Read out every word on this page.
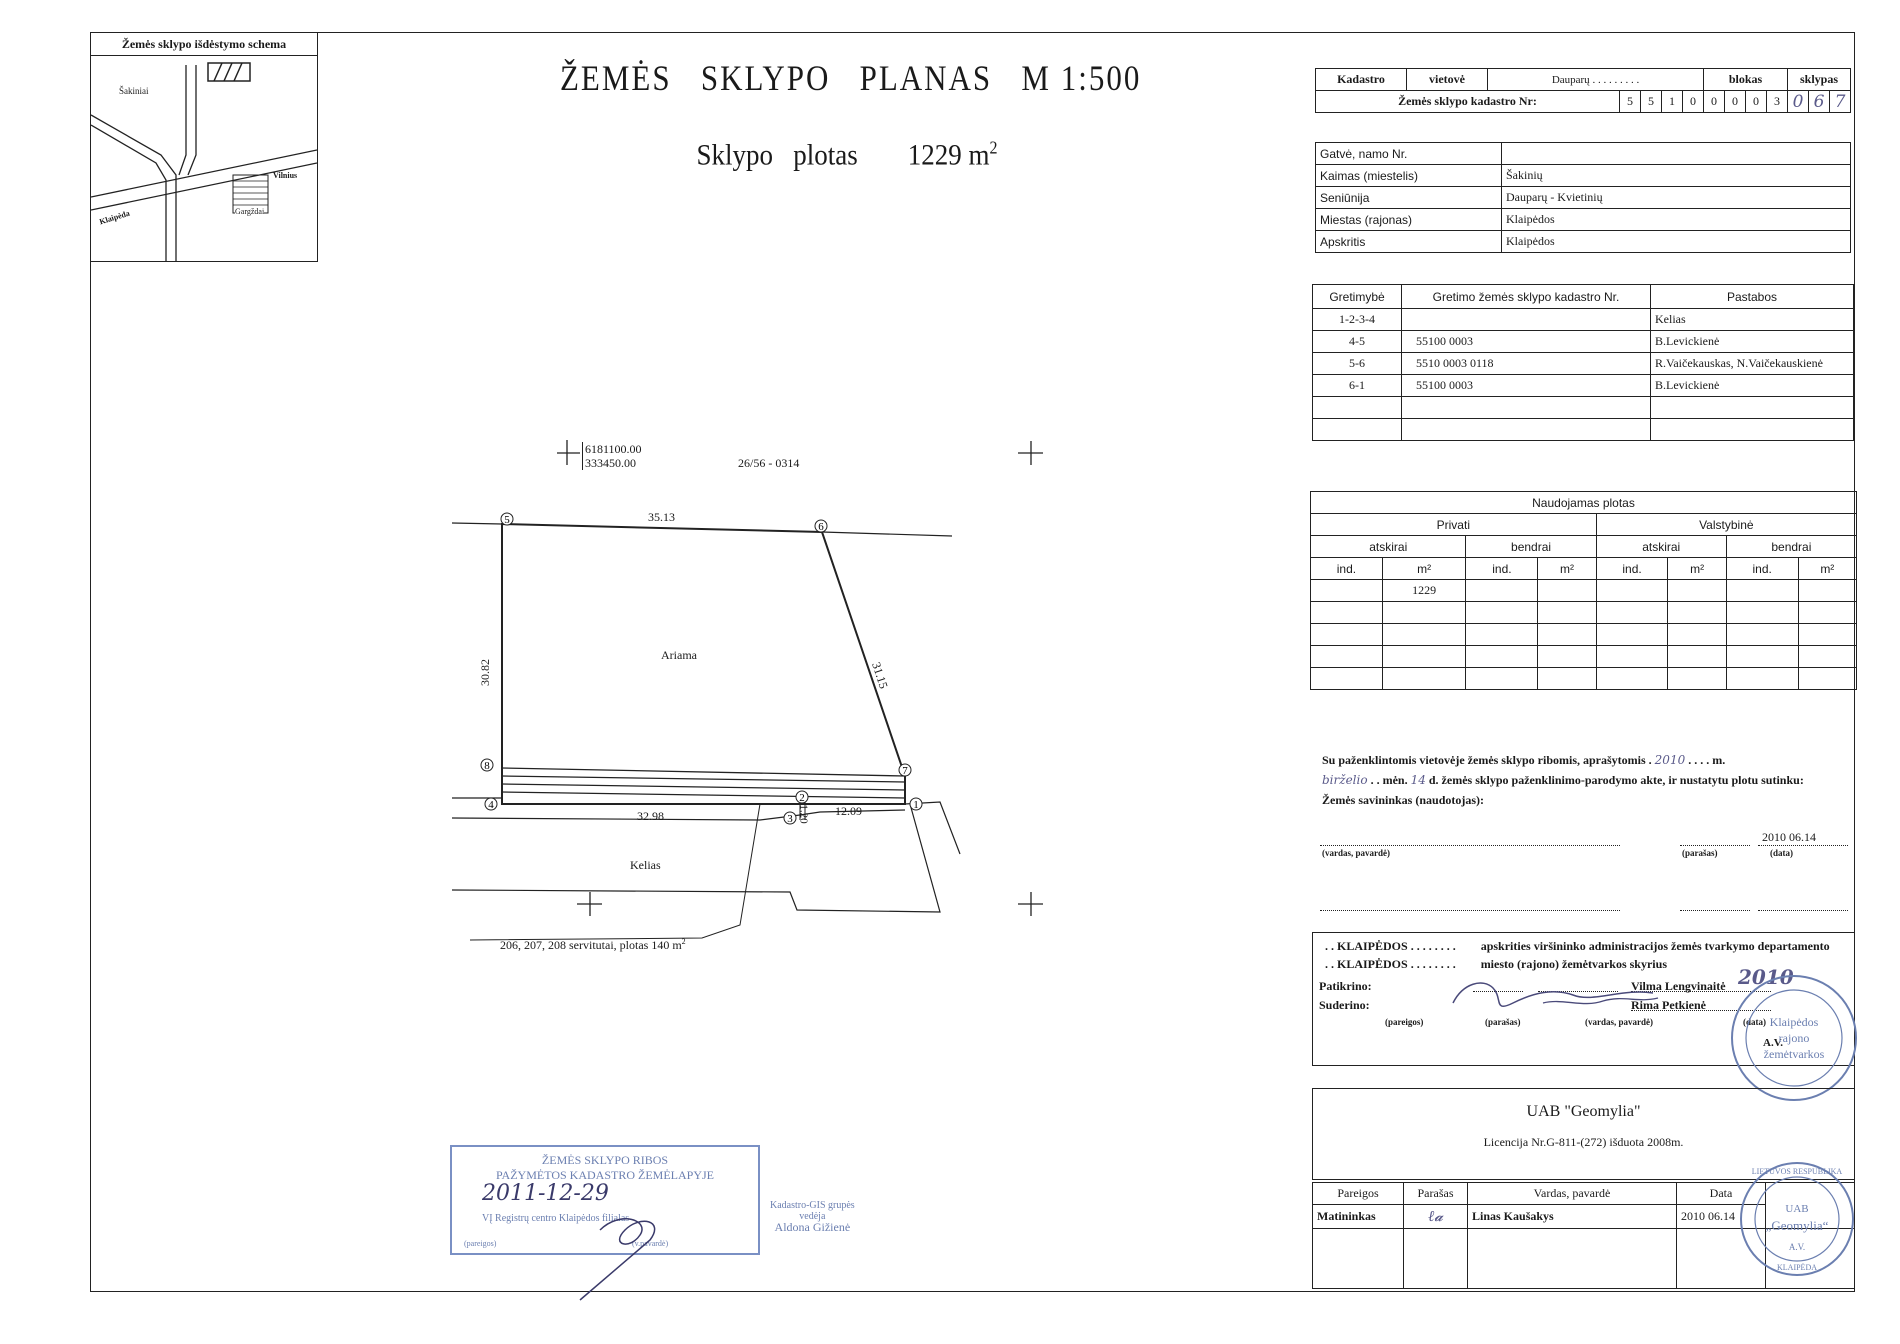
Žemės sklypo išdėstymo schema
Šakiniai
Vilnius
Klaipėda	Gargždai
ŽEMĖS   SKLYPO   PLANAS   M 1:500

Sklypo   plotas 1229 $m^2$

5
6
7
8
4	1
2
3
6181100.00
333450.00	26/56 - 0314
35.13
30.82	31.15
Ariama
32.98	12.09
1.20
Kelias
206, 207, 208 servitutai, plotas 140 $m^2$
Kadastro	vietovė	Dauparų . . . . . . . . .					blokas				sklypas		
Žemės sklypo kadastro Nr:			5	5	1	0	0	0	0	3	0	6	7
Gatvė, namo Nr.	
Kaimas (miestelis)	Šakinių
Seniūnija	Dauparų - Kvietinių
Miestas (rajonas)	Klaipėdos
Apskritis	Klaipėdos
Gretimybė	Gretimo žemės sklypo kadastro Nr.	Pastabos
1-2-3-4		Kelias
4-5	55100 0003	B.Levickienė
5-6	5510 0003 0118	R.Vaičekauskas, N.Vaičekauskienė
6-1	55100 0003	B.Levickienė

Naudojamas plotas							
Privati				Valstybinė			
atskirai		bendrai		atskirai		bendrai	
ind.	m²	ind.	m²	ind.	m²	ind.	m²
	1229						

Su paženklintomis vietovėje žemės sklypo ribomis, aprašytomis . 2010 . . . . m.
birželio . . mėn. 14 d. žemės sklypo paženklinimo-parodymo akte, ir nustatytu plotu sutinku:
Žemės savininkas (naudotojas):
(vardas, pavardė)	(parašas)
2010 06.14
(data)
. . KLAIPĖDOS . . . . . . . . apskrities viršininko administracijos žemės tvarkymo departamento
. . KLAIPĖDOS . . . . . . . . miesto (rajono) žemėtvarkos skyrius
Patikrino:	Vilma Lengvinaitė 2010
Suderino:	Rima Petkienė
(pareigos)	(parašas)	(vardas, pavardė)	(data)
A.V.
Klaipėdos
rajono
žemėtvarkos
UAB "Geomylia"
Licencija Nr.G-811-(272) išduota 2008m.
Pareigos	Parašas	Vardas, pavardė	Data	
Matininkas	ℓ𝓪	Linas Kaušakys	2010 06.14	
					UAB
„Geomylia“
LIETUVOS RESPUBLIKA
KLAIPĖDA
A.V.
ŽEMĖS SKLYPO RIBOS
PAŽYMĖTOS KADASTRO ŽEMĖLAPYJE
2011-12-29
VĮ Registrų centro Klaipėdos filialas
(pareigos)	(v.pavardė)
Kadastro-GIS grupės
vedėja
Aldona Gižienė
